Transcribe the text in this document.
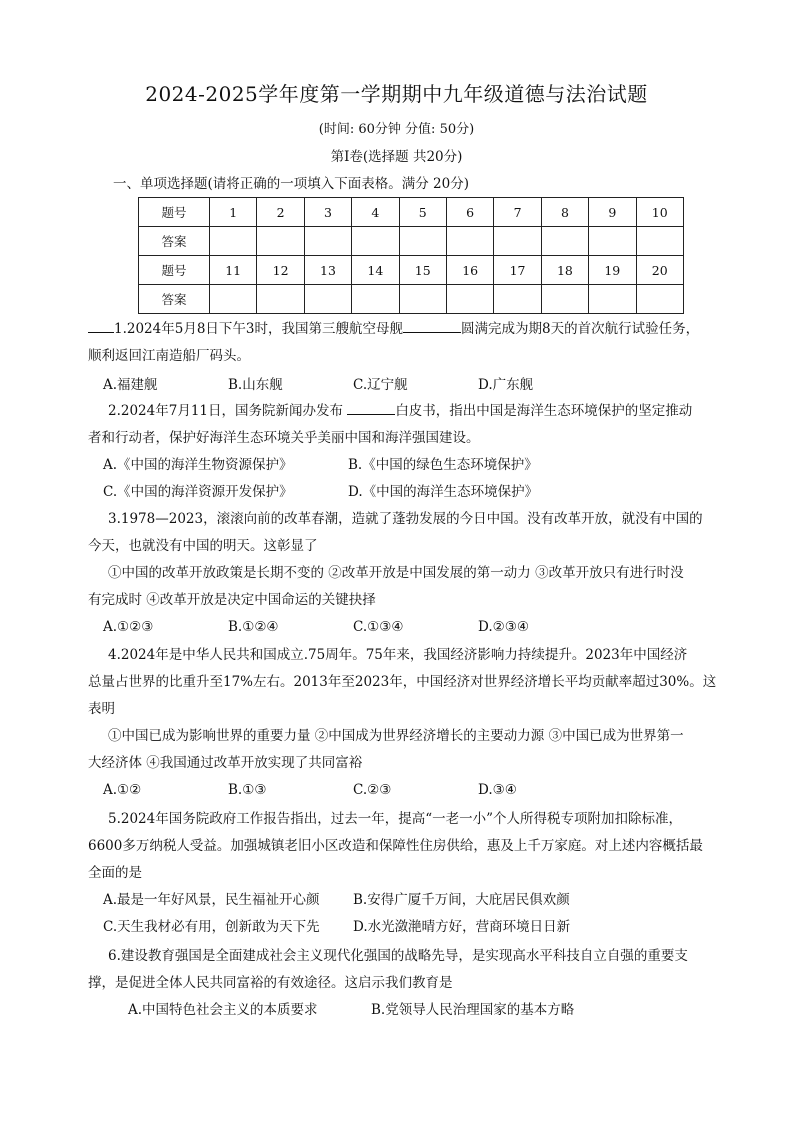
2024-2025学年度第一学期期中九年级道德与法治试题
(时间: 60分钟 分值: 50分)
第Ⅰ卷(选择题 共20分)
一、单项选择题(请将正确的一项填入下面表格。满分 20分)
题号	1	2	3	4	5	6	7	8	9	10
答案										
题号	11	12	13	14	15	16	17	18	19	20
答案										
1.2024年5月8日下午3时，我国第三艘航空母舰	圆满完成为期8天的首次航行试验任务，
顺利返回江南造船厂码头。
A.福建舰	B.山东舰	C.辽宁舰	D.广东舰
2.2024年7月11日，国务院新闻办发布	白皮书，指出中国是海洋生态环境保护的坚定推动
者和行动者，保护好海洋生态环境关乎美丽中国和海洋强国建设。
A.《中国的海洋生物资源保护》	B.《中国的绿色生态环境保护》
C.《中国的海洋资源开发保护》	D.《中国的海洋生态环境保护》
3.1978—2023，滚滚向前的改革春潮，造就了蓬勃发展的今日中国。没有改革开放，就没有中国的
今天，也就没有中国的明天。这彰显了
①中国的改革开放政策是长期不变的 ②改革开放是中国发展的第一动力 ③改革开放只有进行时没
有完成时 ④改革开放是决定中国命运的关键抉择
A.①②③	B.①②④	C.①③④	D.②③④
4.2024年是中华人民共和国成立.75周年。75年来，我国经济影响力持续提升。2023年中国经济
总量占世界的比重升至17%左右。2013年至2023年，中国经济对世界经济增长平均贡献率超过30%。这
表明
①中国已成为影响世界的重要力量 ②中国成为世界经济增长的主要动力源 ③中国已成为世界第一
大经济体 ④我国通过改革开放实现了共同富裕
A.①②	B.①③	C.②③	D.③④
5.2024年国务院政府工作报告指出，过去一年，提高“一老一小”个人所得税专项附加扣除标准，
6600多万纳税人受益。加强城镇老旧小区改造和保障性住房供给，惠及上千万家庭。对上述内容概括最
全面的是
A.最是一年好风景，民生福祉开心颜	B.安得广厦千万间，大庇居民俱欢颜
C.天生我材必有用，创新敢为天下先	D.水光潋滟晴方好，营商环境日日新
6.建设教育强国是全面建成社会主义现代化强国的战略先导，是实现高水平科技自立自强的重要支
撑，是促进全体人民共同富裕的有效途径。这启示我们教育是
A.中国特色社会主义的本质要求	B.党领导人民治理国家的基本方略
